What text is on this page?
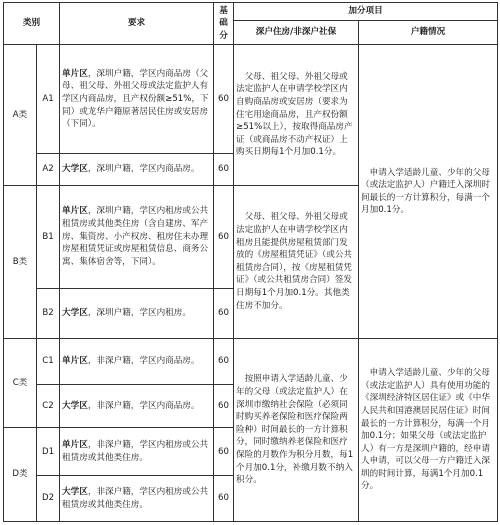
类别		要求	基础分	加分项目	
				深户住房/非深户社保	户籍情况
A类	A1	单片区，深圳户籍，学区内商品房（父母、祖父母、外祖父母或法定监护人有学区内商品房，且产权份额≥51%，下同）或龙华户籍原著居民住房或安居房（下同）。	60	父母、祖父母、外祖父母或法定监护人在申请学校学区内自购商品房或安居房（要求为住宅用途商品房，且产权份额≥51%以上），按取得商品房产证（或商品房不动产权证）上购买日期每1个月加0.1分。	申请入学适龄儿童、少年的父母（或法定监护人）户籍迁入深圳时间最长的一方计算积分，每满一个月加0.1分。
	A2	大学区，深圳户籍，学区内商品房。	60		
B类	B1	单片区，深圳户籍，学区内租房或公共租赁房或其他类住房（含自建房、军产房、集资房、小产权房、租房住未办理房屋租赁凭证或房屋租赁信息、商务公寓、集体宿舍等，下同）。	60	父母、祖父母、外祖父母或法定监护人在申请学校学区内租房且能提供房屋租赁部门发放的《房屋租赁凭证》（或公共租赁房合同），按《房屋租赁凭证》（或公共租赁房合同）签发日期每1个月加0.1分。其他类住房不加分。	
	B2	大学区，深圳户籍，学区内租房。	60		
C类	C1	单片区，非深户籍，学区内商品房。	60	按照申请入学适龄儿童、少年的父母（或法定监护人）在深圳市缴纳社会保险（必须同时购买养老保险和医疗保险两险种）时间最长的一方计算积分，同时缴纳养老保险和医疗保险的月数作为积分月数，每1个月加0.1分，补缴月数不纳入积分。	申请入学适龄儿童、少年的父母（或法定监护人）具有使用功能的《深圳经济特区居住证》或《中华人民共和国港澳居民居住证》时间最长的一方计算积分，每满一个月加0.1分；如果父母（或法定监护人）有一方是深圳户籍的，经申请人申请，可以父母一方户籍迁入深圳的时间计算，每满1个月加0.1分。
	C2	大学区，非深户籍，学区内商品房。	60		
D类	D1	单片区，非深户籍，学区内租房或公共租赁房或其他类住房。	60		
	D2	大学区，非深户籍，学区内租房或公共租赁房或其他类住房。	60		
